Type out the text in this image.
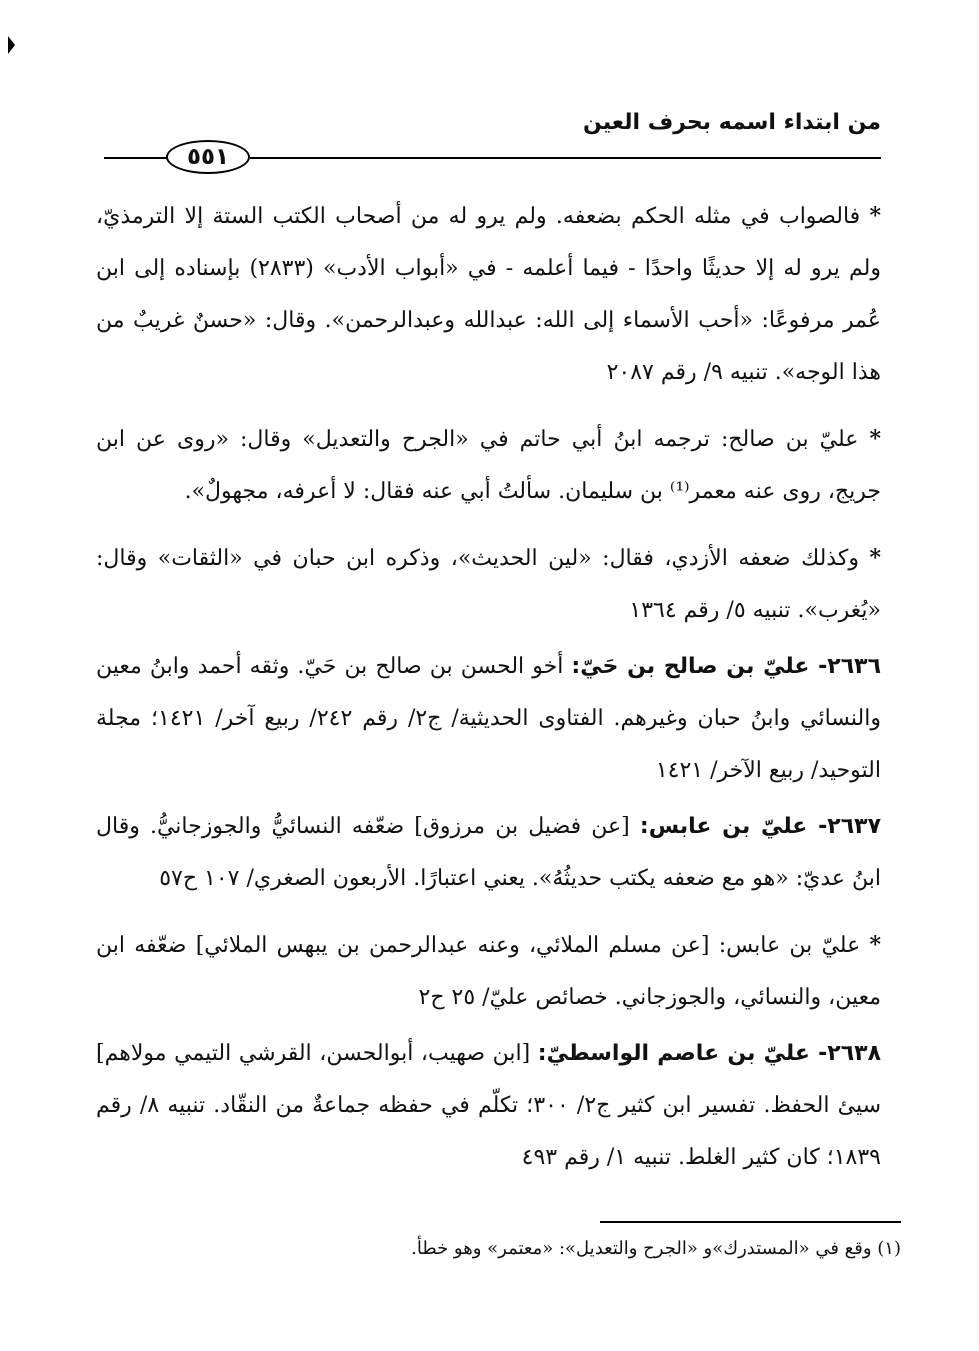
من ابتداء اسمه بحرف العين
٥٥١

* فالصواب في مثله الحكم بضعفه. ولم يرو له من أصحاب الكتب الستة إلا الترمذيّ، ولم يرو له إلا حديثًا واحدًا - فيما أعلمه - في «أبواب الأدب» (٢٨٣٣) بإسناده إلى ابن عُمر مرفوعًا: «أحب الأسماء إلى الله: عبدالله وعبدالرحمن». وقال: «حسنٌ غريبٌ من هذا الوجه». تنبيه ٩/ رقم ٢٠٨٧

* عليّ بن صالح: ترجمه ابنُ أبي حاتم في «الجرح والتعديل» وقال: «روى عن ابن جريج، روى عنه معمر⁽¹⁾ بن سليمان. سألتُ أبي عنه فقال: لا أعرفه، مجهولٌ».

* وكذلك ضعفه الأزدي، فقال: «لين الحديث»، وذكره ابن حبان في «الثقات» وقال: «يُغرب». تنبيه ٥/ رقم ١٣٦٤

٢٦٣٦- عليّ بن صالح بن حَيّ: أخو الحسن بن صالح بن حَيّ. وثقه أحمد وابنُ معين والنسائي وابنُ حبان وغيرهم. الفتاوى الحديثية/ ج٢/ رقم ٢٤٢/ ربيع آخر/ ١٤٢١؛ مجلة التوحيد/ ربيع الآخر/ ١٤٢١

٢٦٣٧- عليّ بن عابس: [عن فضيل بن مرزوق] ضعّفه النسائيُّ والجوزجانيُّ. وقال ابنُ عديّ: «هو مع ضعفه يكتب حديثُهُ». يعني اعتبارًا. الأربعون الصغري/ ١٠٧ ح٥٧

* عليّ بن عابس: [عن مسلم الملائي، وعنه عبدالرحمن بن يبهس الملائي] ضعّفه ابن معين، والنسائي، والجوزجاني. خصائص عليّ/ ٢٥ ح٢

٢٦٣٨- عليّ بن عاصم الواسطيّ: [ابن صهيب، أبوالحسن، القرشي التيمي مولاهم] سيئ الحفظ. تفسير ابن كثير ج٢/ ٣٠٠؛ تكلّم في حفظه جماعةٌ من النقّاد. تنبيه ٨/ رقم ١٨٣٩؛ كان كثير الغلط. تنبيه ١/ رقم ٤٩٣

(١) وقع في «المستدرك»و «الجرح والتعديل»: «معتمر» وهو خطأ.
